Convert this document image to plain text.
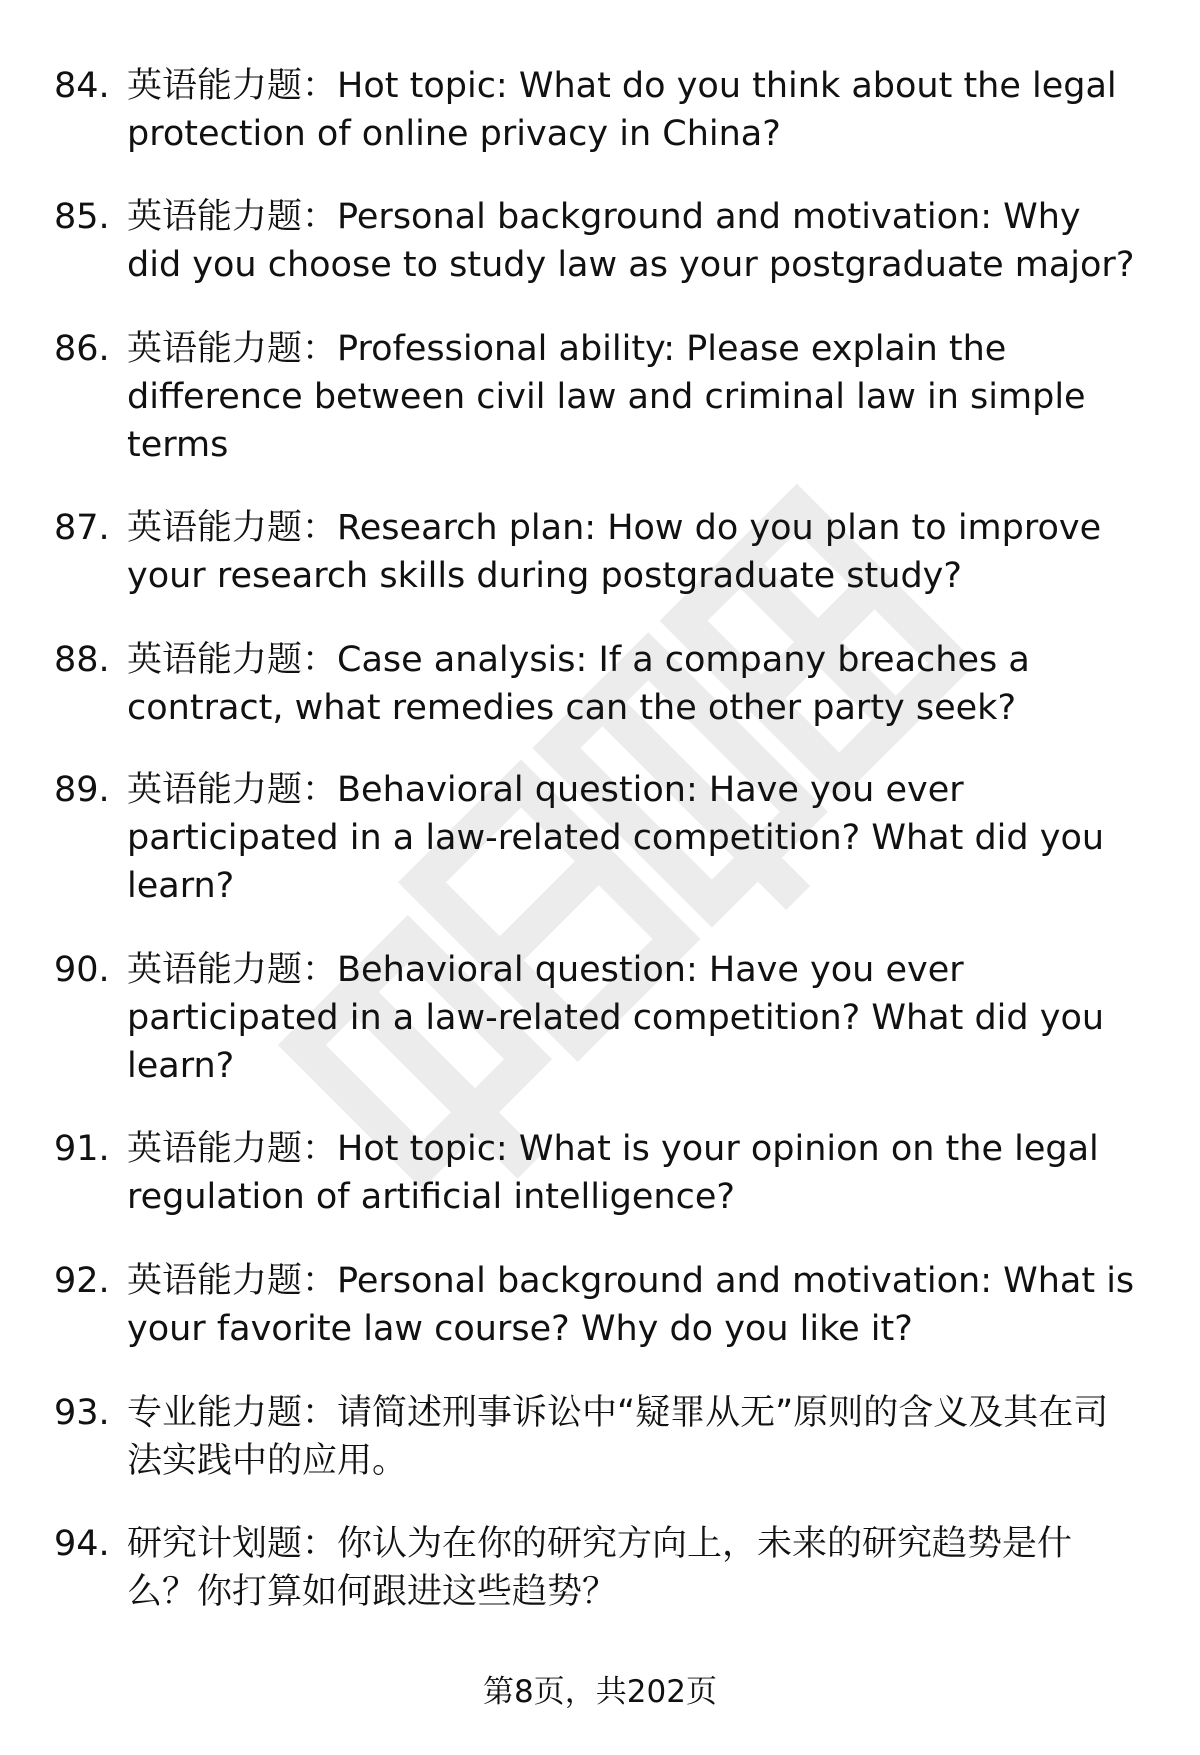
84. 英语能力题：Hot topic: What do you think about the legal protection of online privacy in China?
85. 英语能力题：Personal background and motivation: Why did you choose to study law as your postgraduate major?
86. 英语能力题：Professional ability: Please explain the difference between civil law and criminal law in simple terms
87. 英语能力题：Research plan: How do you plan to improve your research skills during postgraduate study?
88. 英语能力题：Case analysis: If a company breaches a contract, what remedies can the other party seek?
89. 英语能力题：Behavioral question: Have you ever participated in a law-related competition? What did you learn?
90. 英语能力题：Behavioral question: Have you ever participated in a law-related competition? What did you learn?
91. 英语能力题：Hot topic: What is your opinion on the legal regulation of artificial intelligence?
92. 英语能力题：Personal background and motivation: What is your favorite law course? Why do you like it?
93. 专业能力题：请简述刑事诉讼中“疑罪从无”原则的含义及其在司法实践中的应用。
94. 研究计划题：你认为在你的研究方向上，未来的研究趋势是什么？你打算如何跟进这些趋势？
第8页，共202页
